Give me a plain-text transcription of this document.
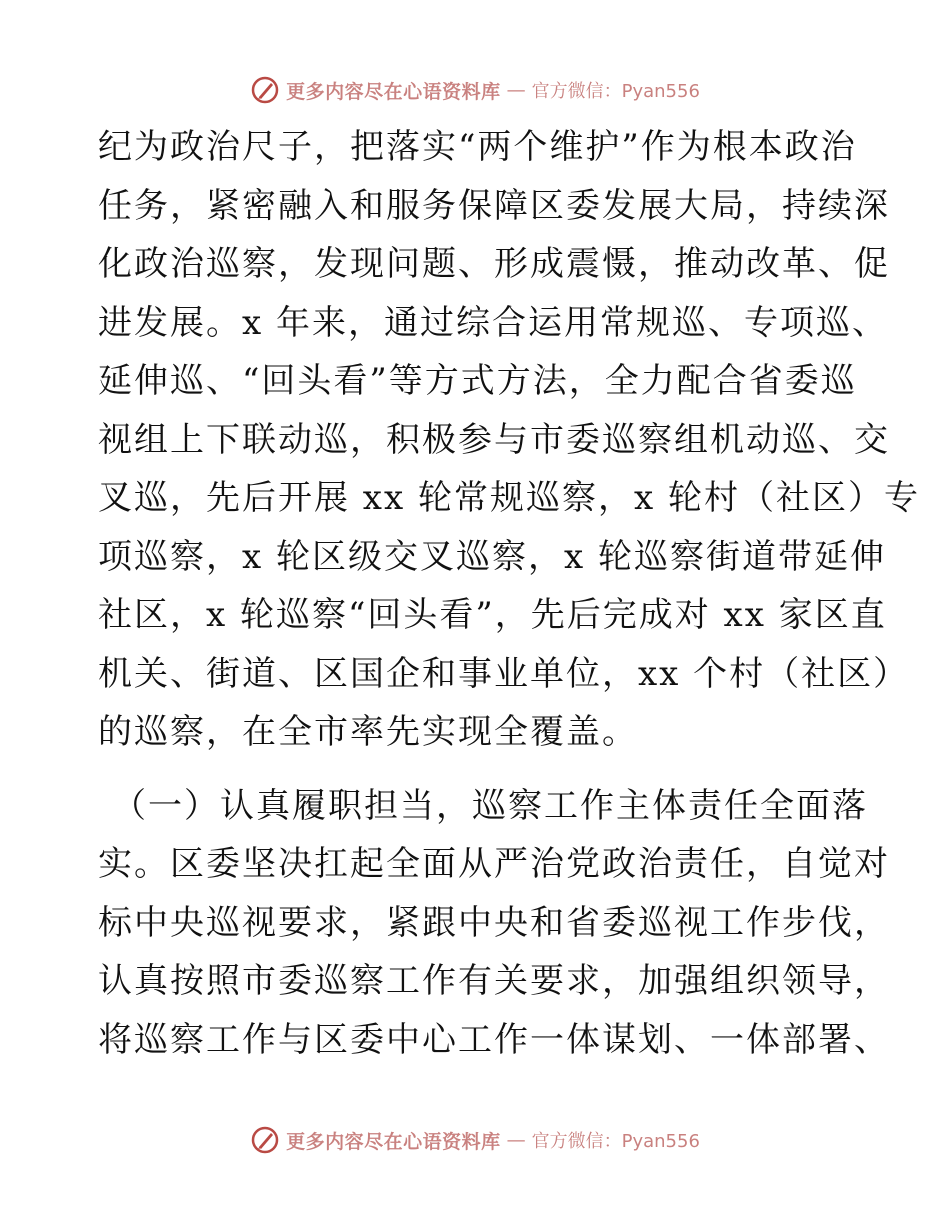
更多内容尽在心语资料库 — 官方微信：Pyan556
纪为政治尺子，把落实“两个维护”作为根本政治
任务，紧密融入和服务保障区委发展大局，持续深
化政治巡察，发现问题、形成震慑，推动改革、促
进发展。x 年来，通过综合运用常规巡、专项巡、
延伸巡、“回头看”等方式方法，全力配合省委巡
视组上下联动巡，积极参与市委巡察组机动巡、交
叉巡，先后开展 xx 轮常规巡察，x 轮村（社区）专
项巡察，x 轮区级交叉巡察，x 轮巡察街道带延伸
社区，x 轮巡察“回头看”，先后完成对 xx 家区直
机关、街道、区国企和事业单位，xx 个村（社区）
的巡察，在全市率先实现全覆盖。
（一）认真履职担当，巡察工作主体责任全面落
实。区委坚决扛起全面从严治党政治责任，自觉对
标中央巡视要求，紧跟中央和省委巡视工作步伐，
认真按照市委巡察工作有关要求，加强组织领导，
将巡察工作与区委中心工作一体谋划、一体部署、
更多内容尽在心语资料库 — 官方微信：Pyan556
